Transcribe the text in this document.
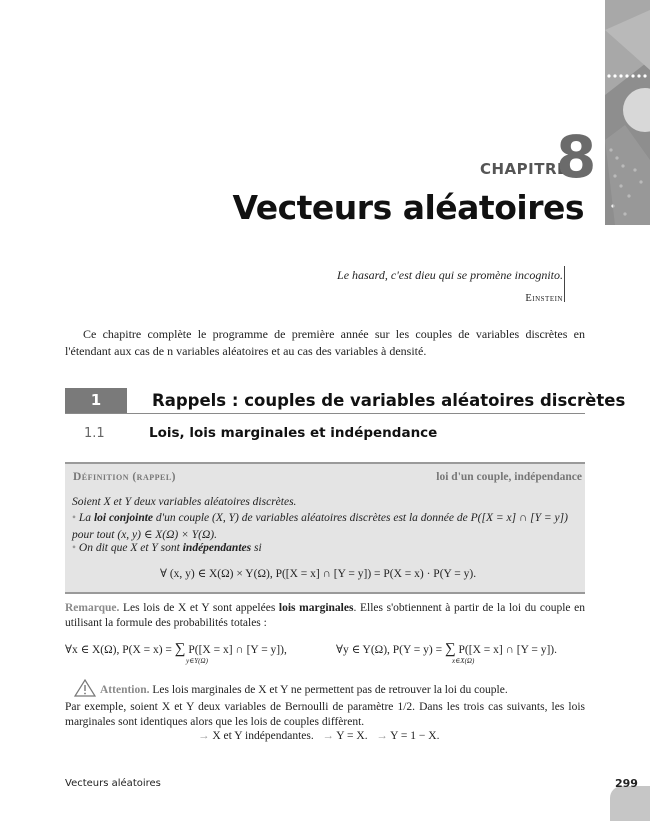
CHAPITRE
8
Vecteurs aléatoires
Le hasard, c'est dieu qui se promène incognito.
Einstein
Ce chapitre complète le programme de première année sur les couples de variables discrètes en l'étendant aux cas de n variables aléatoires et au cas des variables à densité.
1	Rappels : couples de variables aléatoires discrètes
1.1	Lois, lois marginales et indépendance
Définition (rappel)	loi d'un couple, indépendance
Soient X et Y deux variables aléatoires discrètes.
• La loi conjointe d'un couple (X, Y) de variables aléatoires discrètes est la donnée de P([X = x] ∩ [Y = y])
pour tout (x, y) ∈ X(Ω) × Y(Ω).
• On dit que X et Y sont indépendantes si
∀ (x, y) ∈ X(Ω) × Y(Ω), P([X = x] ∩ [Y = y]) = P(X = x) · P(Y = y).
Remarque. Les lois de X et Y sont appelées lois marginales. Elles s'obtiennent à partir de la loi du couple en utilisant la formule des probabilités totales :
∀x ∈ X(Ω), P(X = x) = ∑ P([X = x] ∩ [Y = y]),
y∈Y(Ω)
∀y ∈ Y(Ω), P(Y = y) = ∑ P([X = x] ∩ [Y = y]).
x∈X(Ω)
Attention. Les lois marginales de X et Y ne permettent pas de retrouver la loi du couple.
Par exemple, soient X et Y deux variables de Bernoulli de paramètre 1/2. Dans les trois cas suivants, les lois marginales sont identiques alors que les lois de couples diffèrent.
→ X et Y indépendantes. → Y = X. → Y = 1 − X.
Vecteurs aléatoires	299
